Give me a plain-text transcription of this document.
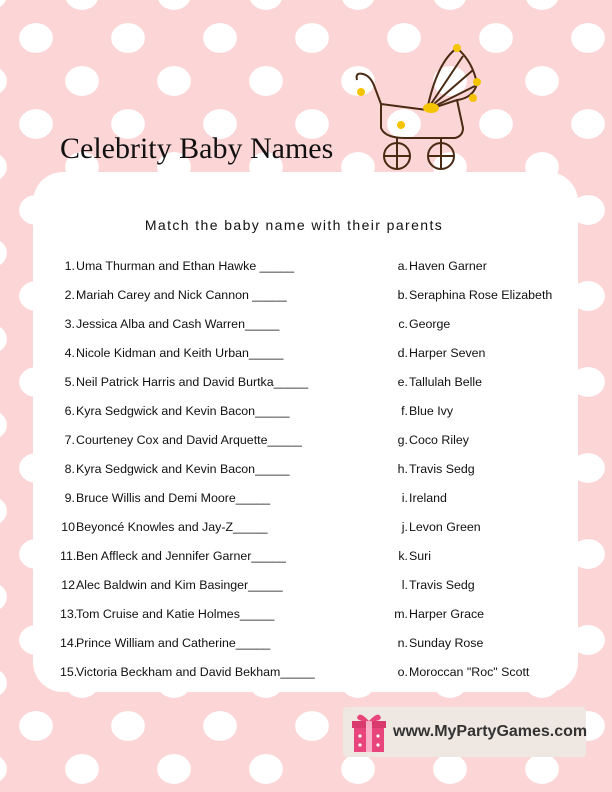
Celebrity Baby Names
Match the baby name with their parents
1. Uma Thurman and Ethan Hawke _____
2. Mariah Carey and Nick Cannon _____
3. Jessica Alba and Cash Warren_____
4. Nicole Kidman and Keith Urban_____
5. Neil Patrick Harris and David Burtka_____
6. Kyra Sedgwick and Kevin Bacon_____
7. Courteney Cox and David Arquette_____
8. Kyra Sedgwick and Kevin Bacon_____
9. Bruce Willis and Demi Moore_____
10 Beyoncé Knowles and Jay-Z_____
11. Ben Affleck and Jennifer Garner_____
12 Alec Baldwin and Kim Basinger_____
13.
Tom Cruise and Katie Holmes_____
14.
Prince William and Catherine_____
15.
Victoria Beckham and David Bekham_____
a. Haven Garner
b. Seraphina Rose Elizabeth
c. George
d. Harper Seven
e. Tallulah Belle
f. Blue Ivy
g. Coco Riley
h. Travis Sedg
i. Ireland
j. Levon Green
k. Suri
l. Travis Sedg
m. Harper Grace
n. Sunday Rose
o. Moroccan "Roc" Scott
www.MyPartyGames.com
